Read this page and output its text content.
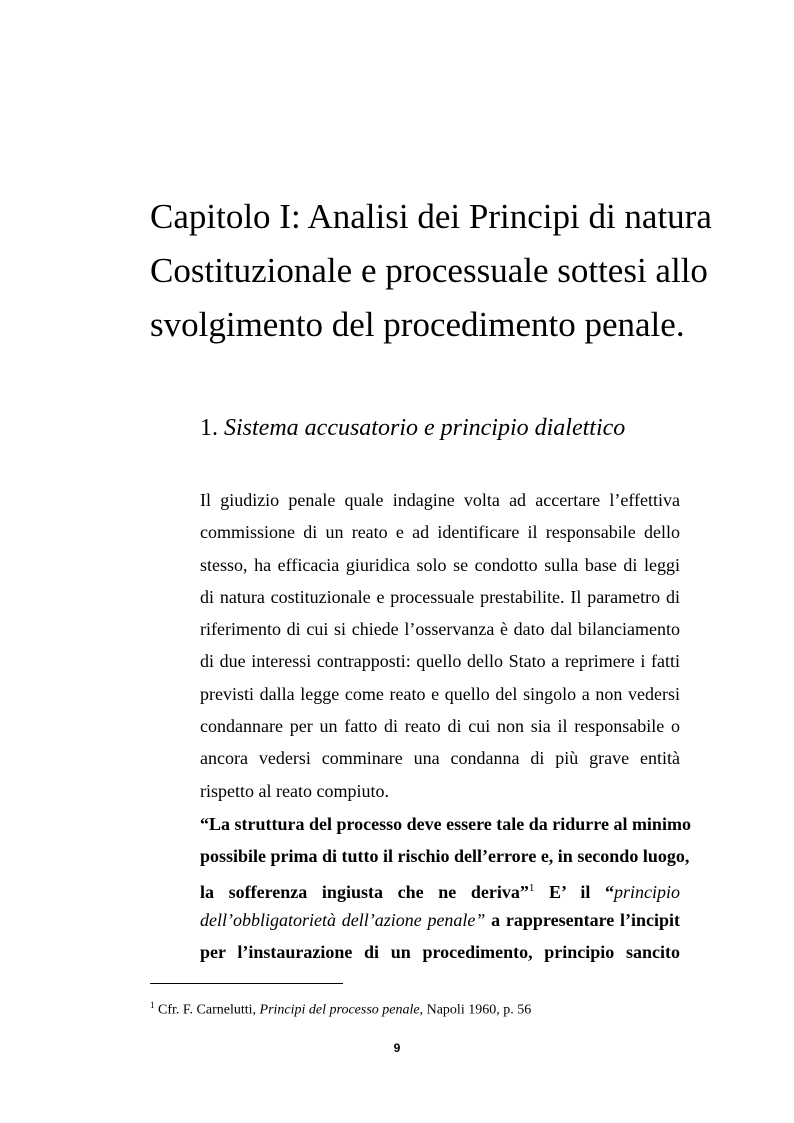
Capitolo I: Analisi dei Principi di natura
Costituzionale e processuale sottesi allo
svolgimento del procedimento penale.
1. Sistema accusatorio e principio dialettico
Il giudizio penale quale indagine volta ad accertare l’effettiva
commissione di un reato e ad identificare il responsabile dello
stesso, ha efficacia giuridica solo se condotto sulla base di leggi
di natura costituzionale e processuale prestabilite. Il parametro di
riferimento di cui si chiede l’osservanza è dato dal bilanciamento
di due interessi contrapposti: quello dello Stato a reprimere i fatti
previsti dalla legge come reato e quello del singolo a non vedersi
condannare per un fatto di reato di cui non sia il responsabile o
ancora vedersi comminare una condanna di più grave entità
rispetto al reato compiuto.
“La struttura del processo deve essere tale da ridurre al minimo
possibile prima di tutto il rischio dell’errore e, in secondo luogo,
la sofferenza ingiusta che ne deriva”$^1$ E’ il “principio
dell’obbligatorietà dell’azione penale” a rappresentare l’incipit
per l’instaurazione di un procedimento, principio sancito
$^1$ Cfr. F. Carnelutti, Principi del processo penale, Napoli 1960, p. 56
9
